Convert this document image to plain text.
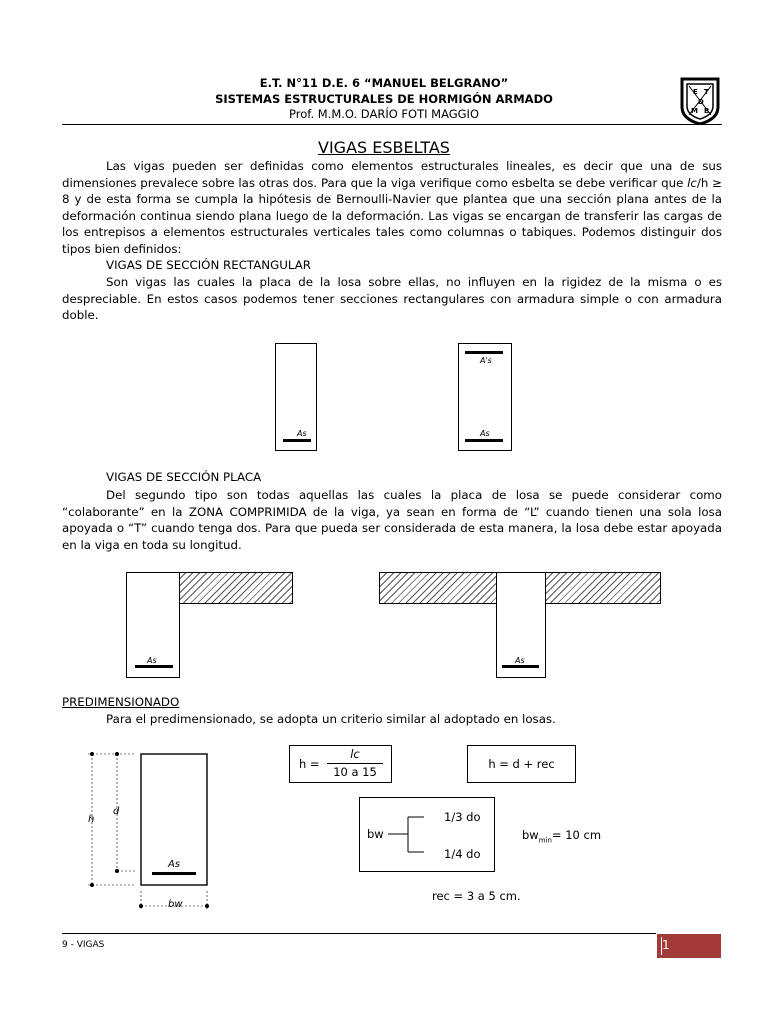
E.T. N°11 D.E. 6 “MANUEL BELGRANO”
SISTEMAS ESTRUCTURALES DE HORMIGÓN ARMADO
Prof. M.M.O. DARÍO FOTI MAGGIO
E T
D
M B
VIGAS ESBELTAS
Las vigas pueden ser definidas como elementos estructurales lineales, es decir que una de sus dimensiones prevalece sobre las otras dos. Para que la viga verifique como esbelta se debe verificar que lc/h ≥ 8 y de esta forma se cumpla la hipótesis de Bernoulli-Navier que plantea que una sección plana antes de la deformación continua siendo plana luego de la deformación. Las vigas se encargan de transferir las cargas de los entrepisos a elementos estructurales verticales tales como columnas o tabiques. Podemos distinguir dos tipos bien definidos:
VIGAS DE SECCIÓN RECTANGULAR
Son vigas las cuales la placa de la losa sobre ellas, no influyen en la rigidez de la misma o es despreciable. En estos casos podemos tener secciones rectangulares con armadura simple o con armadura doble.
As
A's
As
VIGAS DE SECCIÓN PLACA
Del segundo tipo son todas aquellas las cuales la placa de losa se puede considerar como “colaborante” en la ZONA COMPRIMIDA de la viga, ya sean en forma de “L” cuando tienen una sola losa apoyada o “T” cuando tenga dos. Para que pueda ser considerada de esta manera, la losa debe estar apoyada en la viga en toda su longitud.
As	As
PREDIMENSIONADO
Para el predimensionado, se adopta un criterio similar al adoptado en losas.
h
d
As
bw
h =
lc
10 a 15
h = d + rec
bw
1/3 do
1/4 do
$bw_{min}= 10$ cm
rec = 3 a 5 cm.
9 - VIGAS	1
